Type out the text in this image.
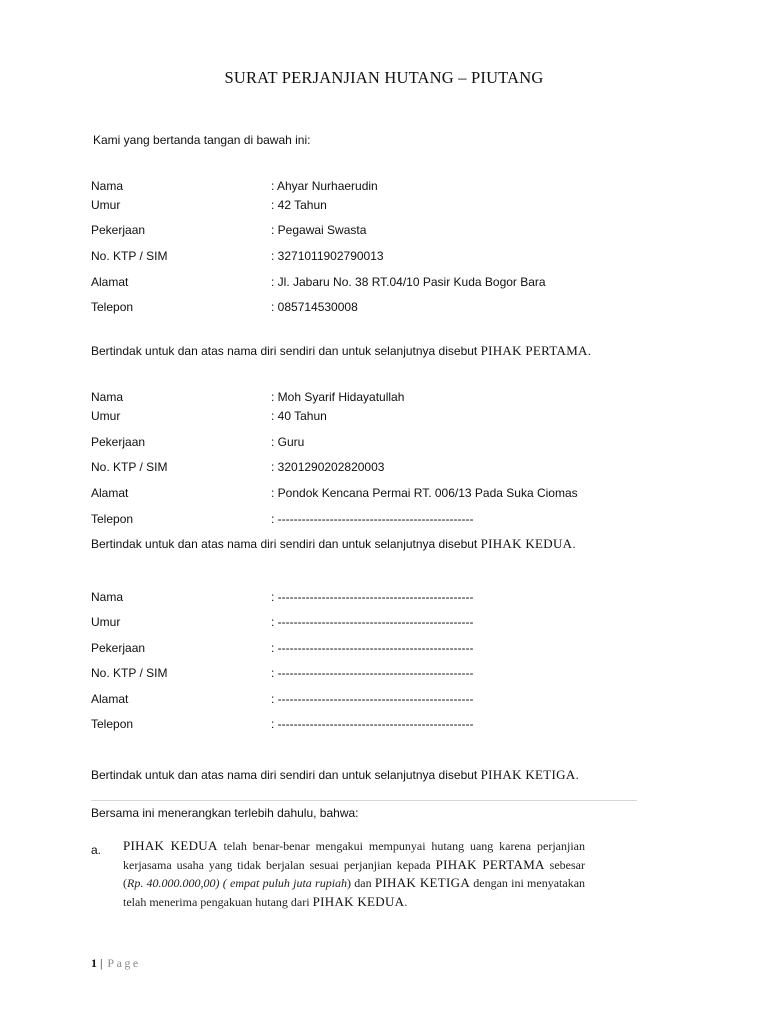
SURAT PERJANJIAN HUTANG – PIUTANG
Kami yang bertanda tangan di bawah ini:
Nama	: Ahyar Nurhaerudin
Umur	: 42 Tahun
Pekerjaan	: Pegawai Swasta
No. KTP / SIM	: 3271011902790013
Alamat	: Jl. Jabaru No. 38 RT.04/10 Pasir Kuda Bogor Bara
Telepon	: 085714530008
Bertindak untuk dan atas nama diri sendiri dan untuk selanjutnya disebut PIHAK PERTAMA.
Nama	: Moh Syarif Hidayatullah
Umur	: 40 Tahun
Pekerjaan	: Guru
No. KTP / SIM	: 3201290202820003
Alamat	: Pondok Kencana Permai RT. 006/13 Pada Suka Ciomas
Telepon	: -------------------------------------------------
Bertindak untuk dan atas nama diri sendiri dan untuk selanjutnya disebut PIHAK KEDUA.
Nama	: -------------------------------------------------
Umur	: -------------------------------------------------
Pekerjaan	: -------------------------------------------------
No. KTP / SIM	: -------------------------------------------------
Alamat	: -------------------------------------------------
Telepon	: -------------------------------------------------
Bertindak untuk dan atas nama diri sendiri dan untuk selanjutnya disebut PIHAK KETIGA.
Bersama ini menerangkan terlebih dahulu, bahwa:
a. PIHAK KEDUA telah benar-benar mengakui mempunyai hutang uang karena perjanjian kerjasama usaha yang tidak berjalan sesuai perjanjian kepada PIHAK PERTAMA sebesar (Rp. 40.000.000,00) ( empat puluh juta rupiah) dan PIHAK KETIGA dengan ini menyatakan telah menerima pengakuan hutang dari PIHAK KEDUA.
1 | Page
